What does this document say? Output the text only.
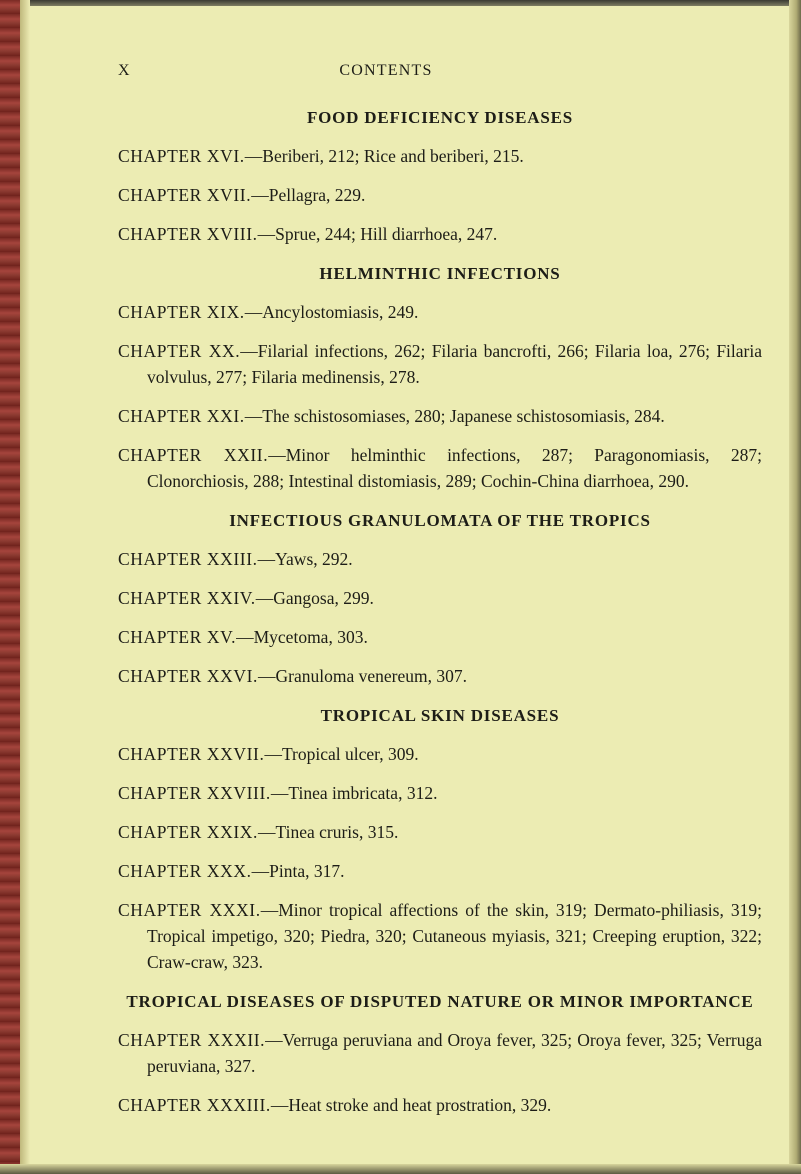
X	CONTENTS

FOOD DEFICIENCY DISEASES

CHAPTER XVI.—Beriberi, 212; Rice and beriberi, 215.

CHAPTER XVII.—Pellagra, 229.

CHAPTER XVIII.—Sprue, 244; Hill diarrhoea, 247.

HELMINTHIC INFECTIONS

CHAPTER XIX.—Ancylostomiasis, 249.

CHAPTER XX.—Filarial infections, 262; Filaria bancrofti, 266; Filaria loa, 276; Filaria volvulus, 277; Filaria medinensis, 278.

CHAPTER XXI.—The schistosomiases, 280; Japanese schistosomiasis, 284.

CHAPTER XXII.—Minor helminthic infections, 287; Paragonomiasis, 287; Clonorchiosis, 288; Intestinal distomiasis, 289; Cochin-China diarrhoea, 290.

INFECTIOUS GRANULOMATA OF THE TROPICS

CHAPTER XXIII.—Yaws, 292.

CHAPTER XXIV.—Gangosa, 299.

CHAPTER XV.—Mycetoma, 303.

CHAPTER XXVI.—Granuloma venereum, 307.

TROPICAL SKIN DISEASES

CHAPTER XXVII.—Tropical ulcer, 309.

CHAPTER XXVIII.—Tinea imbricata, 312.

CHAPTER XXIX.—Tinea cruris, 315.

CHAPTER XXX.—Pinta, 317.

CHAPTER XXXI.—Minor tropical affections of the skin, 319; Dermato-philiasis, 319; Tropical impetigo, 320; Piedra, 320; Cutaneous myiasis, 321; Creeping eruption, 322; Craw-craw, 323.

TROPICAL DISEASES OF DISPUTED NATURE OR MINOR IMPORTANCE

CHAPTER XXXII.—Verruga peruviana and Oroya fever, 325; Oroya fever, 325; Verruga peruviana, 327.

CHAPTER XXXIII.—Heat stroke and heat prostration, 329.
